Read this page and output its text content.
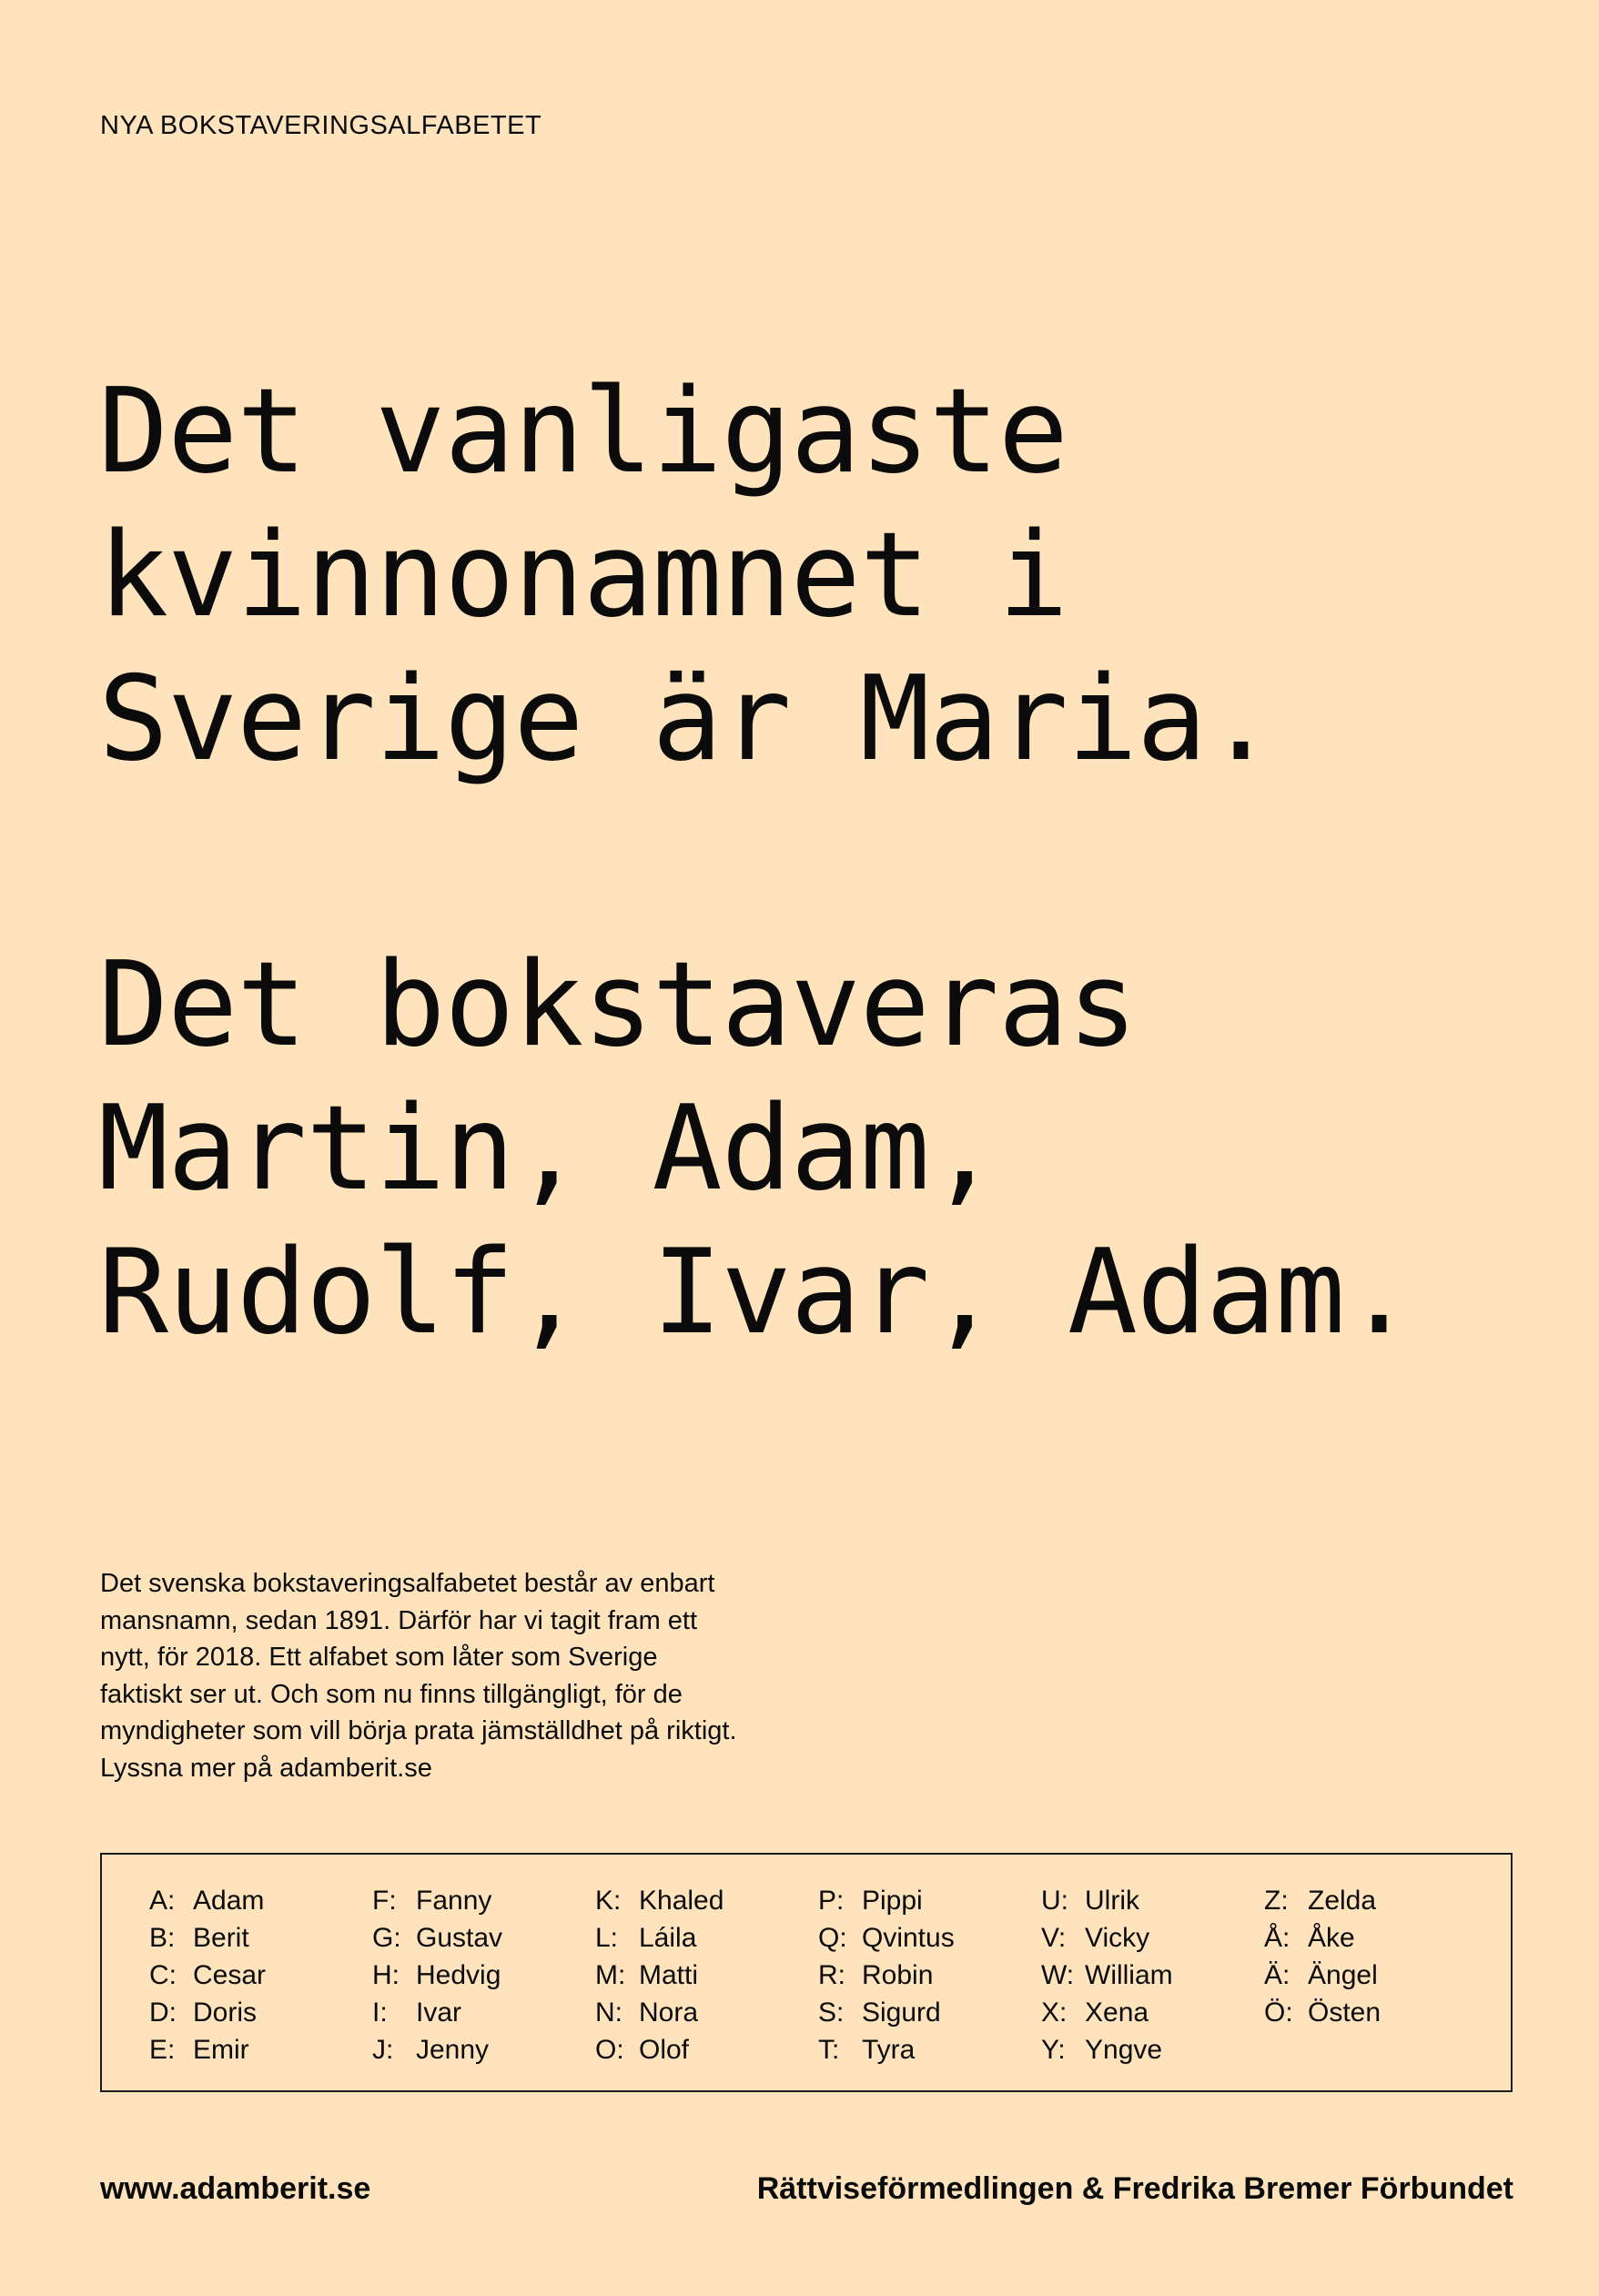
NYA BOKSTAVERINGSALFABETET
Det vanligaste
kvinnonamnet i
Sverige är Maria.
Det bokstaveras
Martin, Adam,
Rudolf, Ivar, Adam.

Det svenska bokstaveringsalfabetet består av enbart
mansnamn, sedan 1891. Därför har vi tagit fram ett
nytt, för 2018. Ett alfabet som låter som Sverige
faktiskt ser ut. Och som nu finns tillgängligt, för de
myndigheter som vill börja prata jämställdhet på riktigt.
Lyssna mer på adamberit.se

A: Adam
B: Berit
C: Cesar
D: Doris
E: Emir
F: Fanny
G: Gustav
H: Hedvig
I: Ivar
J: Jenny
K: Khaled
L: Láila
M: Matti
N: Nora
O: Olof
P: Pippi
Q: Qvintus
R: Robin
S: Sigurd
T: Tyra
U: Ulrik
V: Vicky
W: William
X: Xena
Y: Yngve
Z: Zelda
Å: Åke
Ä: Ängel
Ö: Östen
www.adamberit.se	Rättviseförmedlingen & Fredrika Bremer Förbundet
